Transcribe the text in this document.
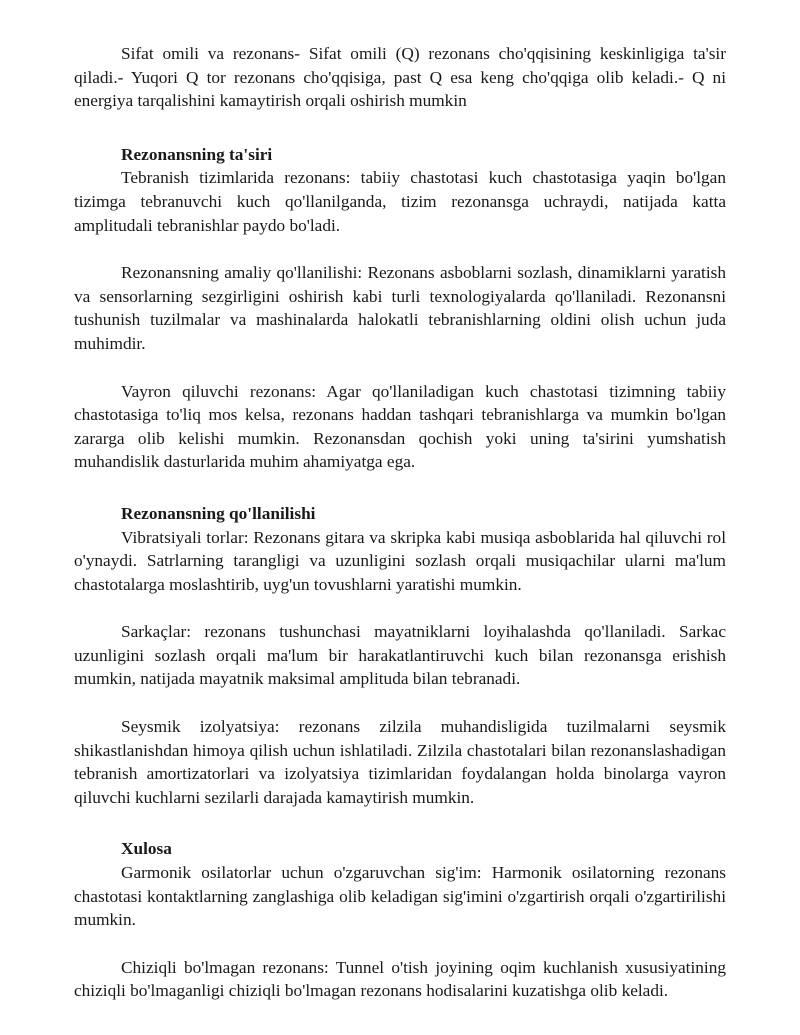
Sifat omili va rezonans- Sifat omili (Q) rezonans cho'qqisining keskinligiga ta'sir qiladi.- Yuqori Q tor rezonans cho'qqisiga, past Q esa keng cho'qqiga olib keladi.- Q ni energiya tarqalishini kamaytirish orqali oshirish mumkin

Rezonansning ta'siri

Tebranish tizimlarida rezonans: tabiiy chastotasi kuch chastotasiga yaqin bo'lgan tizimga tebranuvchi kuch qo'llanilganda, tizim rezonansga uchraydi, natijada katta amplitudali tebranishlar paydo bo'ladi.

Rezonansning amaliy qo'llanilishi: Rezonans asboblarni sozlash, dinamiklarni yaratish va sensorlarning sezgirligini oshirish kabi turli texnologiyalarda qo'llaniladi. Rezonansni tushunish tuzilmalar va mashinalarda halokatli tebranishlarning oldini olish uchun juda muhimdir.

Vayron qiluvchi rezonans: Agar qo'llaniladigan kuch chastotasi tizimning tabiiy chastotasiga to'liq mos kelsa, rezonans haddan tashqari tebranishlarga va mumkin bo'lgan zararga olib kelishi mumkin. Rezonansdan qochish yoki uning ta'sirini yumshatish muhandislik dasturlarida muhim ahamiyatga ega.

Rezonansning qo'llanilishi

Vibratsiyali torlar: Rezonans gitara va skripka kabi musiqa asboblarida hal qiluvchi rol o'ynaydi. Satrlarning tarangligi va uzunligini sozlash orqali musiqachilar ularni ma'lum chastotalarga moslashtirib, uyg'un tovushlarni yaratishi mumkin.

Sarkaçlar: rezonans tushunchasi mayatniklarni loyihalashda qo'llaniladi. Sarkac uzunligini sozlash orqali ma'lum bir harakatlantiruvchi kuch bilan rezonansga erishish mumkin, natijada mayatnik maksimal amplituda bilan tebranadi.

Seysmik izolyatsiya: rezonans zilzila muhandisligida tuzilmalarni seysmik shikastlanishdan himoya qilish uchun ishlatiladi. Zilzila chastotalari bilan rezonanslashadigan tebranish amortizatorlari va izolyatsiya tizimlaridan foydalangan holda binolarga vayron qiluvchi kuchlarni sezilarli darajada kamaytirish mumkin.

Xulosa

Garmonik osilatorlar uchun o'zgaruvchan sig'im: Harmonik osilatorning rezonans chastotasi kontaktlarning zanglashiga olib keladigan sig'imini o'zgartirish orqali o'zgartirilishi mumkin.

Chiziqli bo'lmagan rezonans: Tunnel o'tish joyining oqim kuchlanish xususiyatining chiziqli bo'lmaganligi chiziqli bo'lmagan rezonans hodisalarini kuzatishga olib keladi.
